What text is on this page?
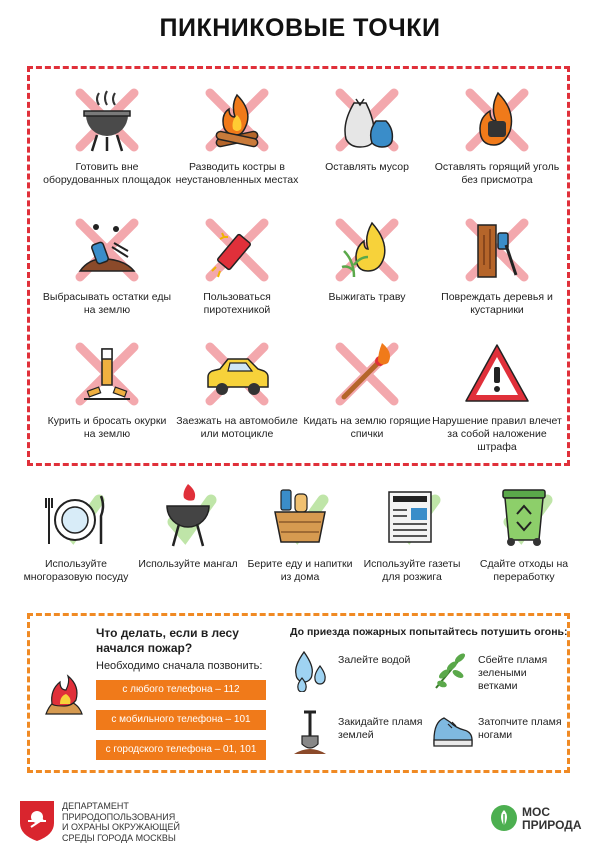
ПИКНИКОВЫЕ ТОЧКИ
Готовить вне оборудованных площадок
Разводить костры в неустановленных местах
Оставлять мусор	Оставлять горящий уголь без присмотра
Выбрасывать остатки еды на землю
Пользоваться пиротехникой
Выжигать траву	Повреждать деревья и кустарники
Курить и бросать окурки на землю
Заезжать на автомобиле или мотоцикле
Кидать на землю горящие спички
Нарушение правил влечет за собой наложение штрафа
Используйте многоразовую посуду
Используйте мангал Берите еду и напитки из дома
Используйте газеты для розжига
Сдайте отходы на переработку
Что делать, если в лесу начался пожар?
Необходимо сначала позвонить:
с любого телефона – 112
с мобильного телефона – 101
с городского телефона – 01, 101
До приезда пожарных попытайтесь потушить огонь:
Залейте водой	Сбейте пламя зелеными ветками
Закидайте пламя землей
Затопчите пламя ногами
ДЕПАРТАМЕНТ
ПРИРОДОПОЛЬЗОВАНИЯ
И ОХРАНЫ ОКРУЖАЮЩЕЙ
СРЕДЫ ГОРОДА МОСКВЫ
МОС
ПРИРОДА
